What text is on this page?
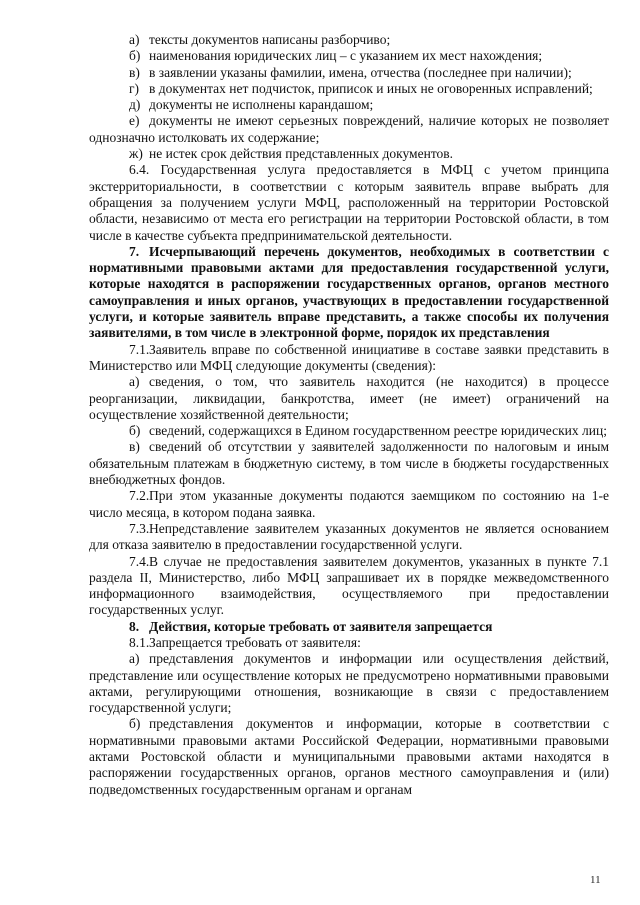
а) тексты документов написаны разборчиво;

б) наименования юридических лиц – с указанием их мест нахождения;

в) в заявлении указаны фамилии, имена, отчества (последнее при наличии);

г) в документах нет подчисток, приписок и иных не оговоренных исправлений;

д) документы не исполнены карандашом;

е) документы не имеют серьезных повреждений, наличие которых не позволяет однозначно истолковать их содержание;

ж) не истек срок действия представленных документов.

6.4. Государственная услуга предоставляется в МФЦ с учетом принципа экстерриториальности, в соответствии с которым заявитель вправе выбрать для обращения за получением услуги МФЦ, расположенный на территории Ростовской области, независимо от места его регистрации на территории Ростовской области, в том числе в качестве субъекта предпринимательской деятельности.

7. Исчерпывающий перечень документов, необходимых в соответствии с нормативными правовыми актами для предоставления государственной услуги, которые находятся в распоряжении государственных органов, органов местного самоуправления и иных органов, участвующих в предоставлении государственной услуги, и которые заявитель вправе представить, а также способы их получения заявителями, в том числе в электронной форме, порядок их представления

7.1.Заявитель вправе по собственной инициативе в составе заявки представить в Министерство или МФЦ следующие документы (сведения):

а) сведения, о том, что заявитель находится (не находится) в процессе реорганизации, ликвидации, банкротства, имеет (не имеет) ограничений на осуществление хозяйственной деятельности;

б) сведений, содержащихся в Едином государственном реестре юридических лиц;

в) сведений об отсутствии у заявителей задолженности по налоговым и иным обязательным платежам в бюджетную систему, в том числе в бюджеты государственных внебюджетных фондов.

7.2.При этом указанные документы подаются заемщиком по состоянию на 1-е число месяца, в котором подана заявка.

7.3.Непредставление заявителем указанных документов не является основанием для отказа заявителю в предоставлении государственной услуги.

7.4.В случае не предоставления заявителем документов, указанных в пункте 7.1 раздела II, Министерство, либо МФЦ запрашивает их в порядке межведомственного информационного взаимодействия, осуществляемого при предоставлении государственных услуг.

8. Действия, которые требовать от заявителя запрещается

8.1.Запрещается требовать от заявителя:

а) представления документов и информации или осуществления действий, представление или осуществление которых не предусмотрено нормативными правовыми актами, регулирующими отношения, возникающие в связи с предоставлением государственной услуги;

б) представления документов и информации, которые в соответствии с нормативными правовыми актами Российской Федерации, нормативными правовыми актами Ростовской области и муниципальными правовыми актами находятся в распоряжении государственных органов, органов местного самоуправления и (или) подведомственных государственным органам и органам

11
